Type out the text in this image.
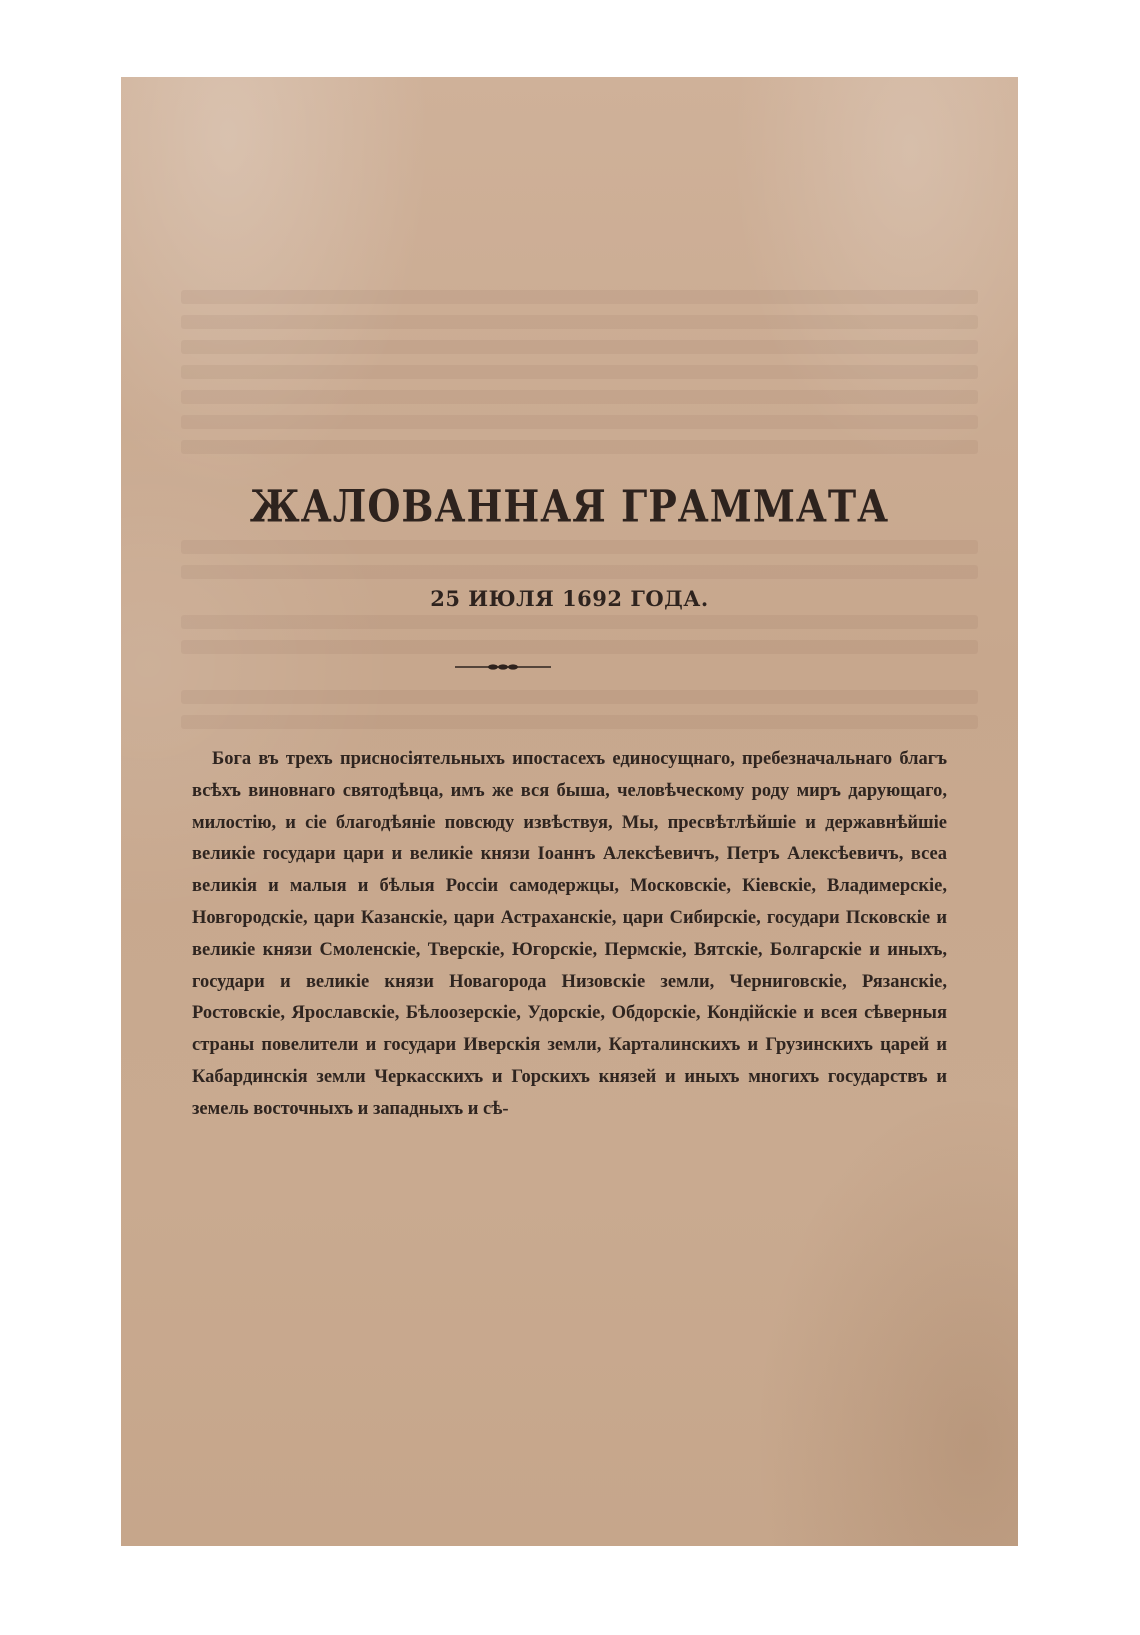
ЖАЛОВАННАЯ ГРАММАТА
25 ИЮЛЯ 1692 ГОДА.

Бога въ трехъ присносіятельныхъ ипостасехъ единосущнаго, пребезначальнаго благъ всѣхъ виновнаго святодѣвца, имъ же вся быша, человѣческому роду миръ дарующаго, милостію, и сіе благодѣяніе повсюду извѣствуя, Мы, пресвѣтлѣйшіе и державнѣйшіе великіе государи цари и великіе князи Іоаннъ Алексѣевичъ, Петръ Алексѣевичъ, всеа великія и малыя и бѣлыя Россіи самодержцы, Московскіе, Кіевскіе, Владимерскіе, Новгородскіе, цари Казанскіе, цари Астраханскіе, цари Сибирскіе, государи Псковскіе и великіе князи Смоленскіе, Тверскіе, Югорскіе, Пермскіе, Вятскіе, Болгарскіе и иныхъ, государи и великіе князи Новагорода Низовскіе земли, Черниговскіе, Рязанскіе, Ростовскіе, Ярославскіе, Бѣлоозерскіе, Удорскіе, Обдорскіе, Кондійскіе и всея сѣверныя страны повелители и государи Иверскія земли, Карталинскихъ и Грузинскихъ царей и Кабардинскія земли Черкасскихъ и Горскихъ князей и иныхъ многихъ государствъ и земель восточныхъ и западныхъ и сѣ-
